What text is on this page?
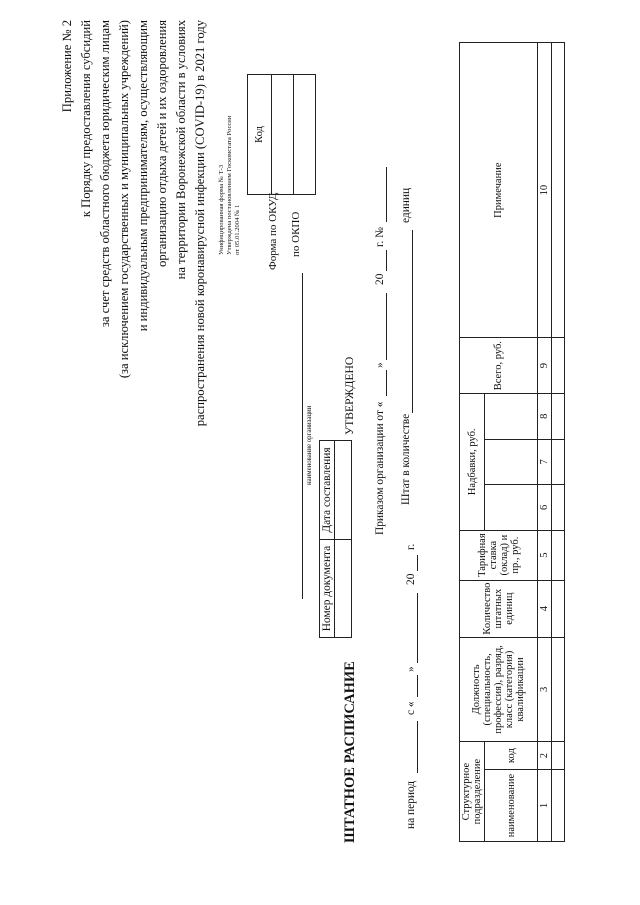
Приложение № 2 к Порядку предоставления субсидий за счет средств областного бюджета юридическим лицам (за исключением государственных и муниципальных учреждений) и индивидуальным предпринимателям, осуществляющим организацию отдыха детей и их оздоровления на территории Воронежской области в условиях распространения новой коронавирусной инфекции (COVID-19) в 2021 году	Унифицированная форма № Т-3 Утверждена постановлением Госкомстата России от 05.01.2004 № 1 Форма по ОКУД по ОКПО
Код

наименование организации
Номер документа	Дата составления

УТВЕРЖДЕНО
Приказом организации от «
»
20
г. №
Штат в количестве
единиц
ШТАТНОЕ РАСПИСАНИЕ	на период
с «
»
20
г.
Структурное подразделение		Должность (специальность, профессия), разряд, класс (категория) квалификации	Количество штатных единиц	Тарифная ставка (оклад) и пр., руб.	Надбавки, руб.			Всего, руб.	Примечание
наименование	код								
1	2	3	4	5	6	7	8	9	10
